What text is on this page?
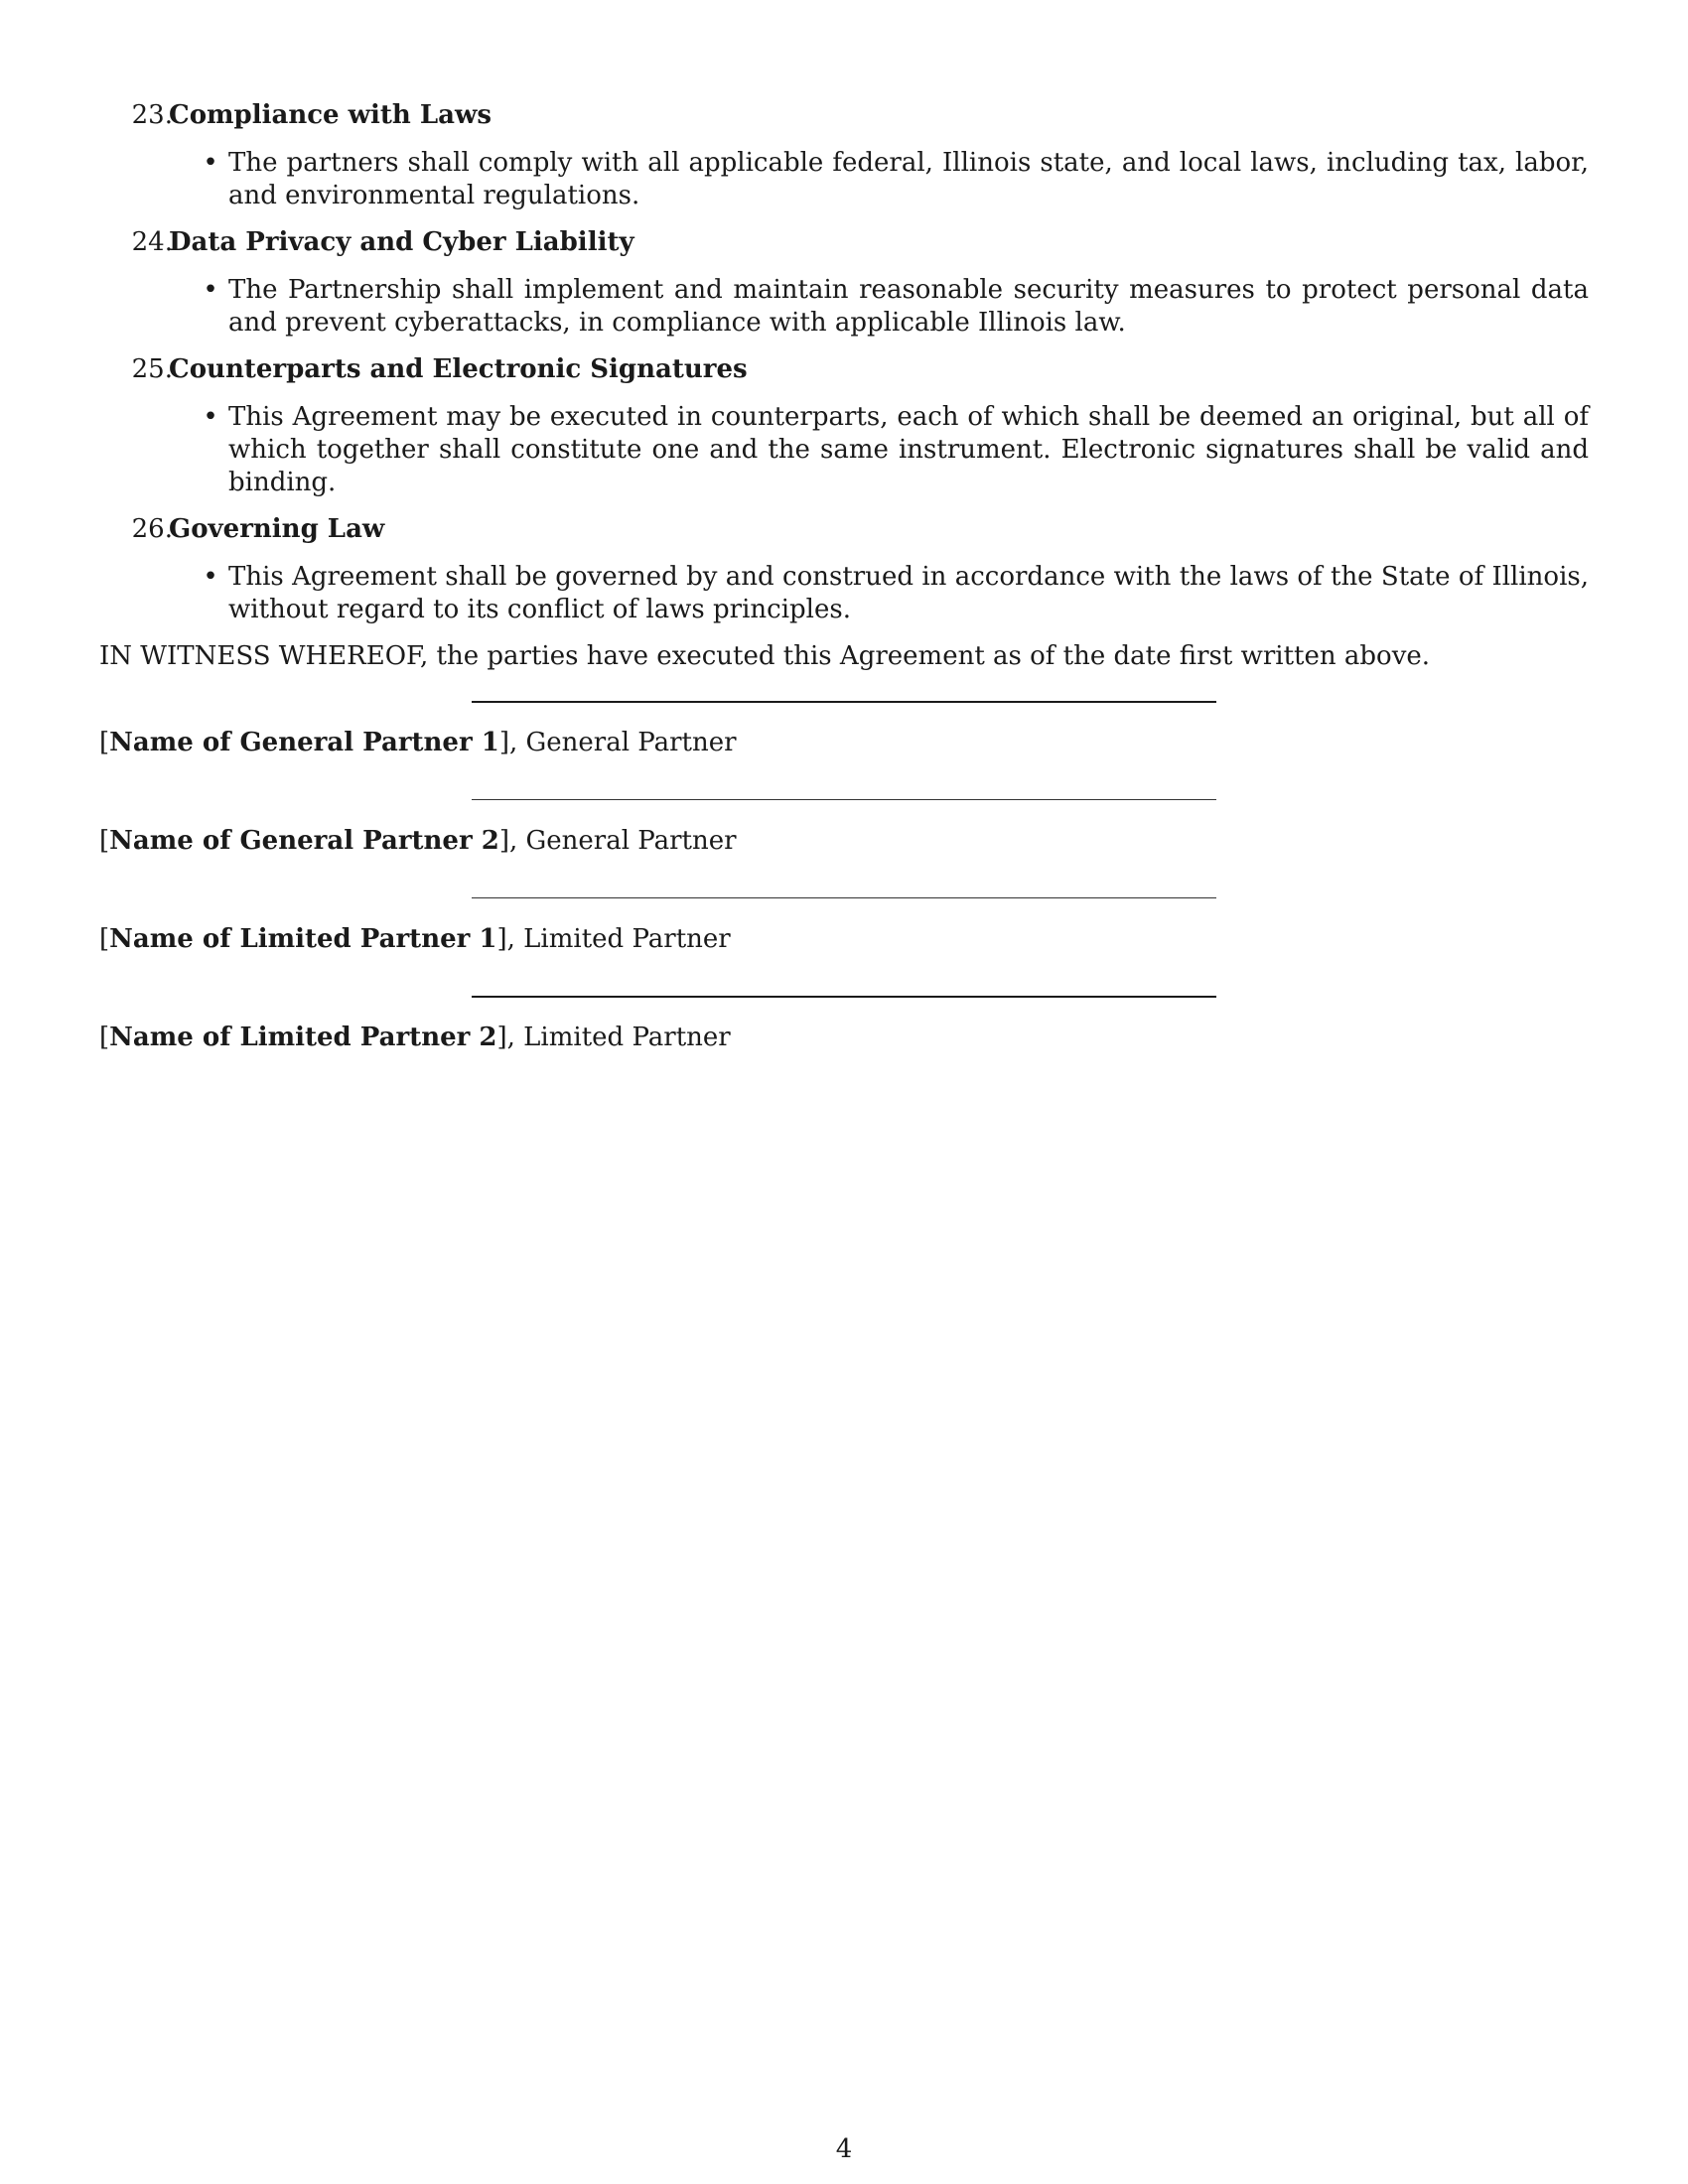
23.
Compliance with Laws
• The partners shall comply with all applicable federal, Illinois state, and local laws, including tax, labor, and environmental regulations.
24.
Data Privacy and Cyber Liability
• The Partnership shall implement and maintain reasonable security measures to protect personal data and prevent cyberattacks, in compliance with applicable Illinois law.
25.
Counterparts and Electronic Signatures
• This Agreement may be executed in counterparts, each of which shall be deemed an original, but all of which together shall constitute one and the same instrument. Electronic signatures shall be valid and binding.
26.
Governing Law
• This Agreement shall be governed by and construed in accordance with the laws of the State of Illinois, without regard to its conflict of laws principles.

IN WITNESS WHEREOF, the parties have executed this Agreement as of the date first written above.

[Name of General Partner 1], General Partner
[Name of General Partner 2], General Partner
[Name of Limited Partner 1], Limited Partner
[Name of Limited Partner 2], Limited Partner
4
